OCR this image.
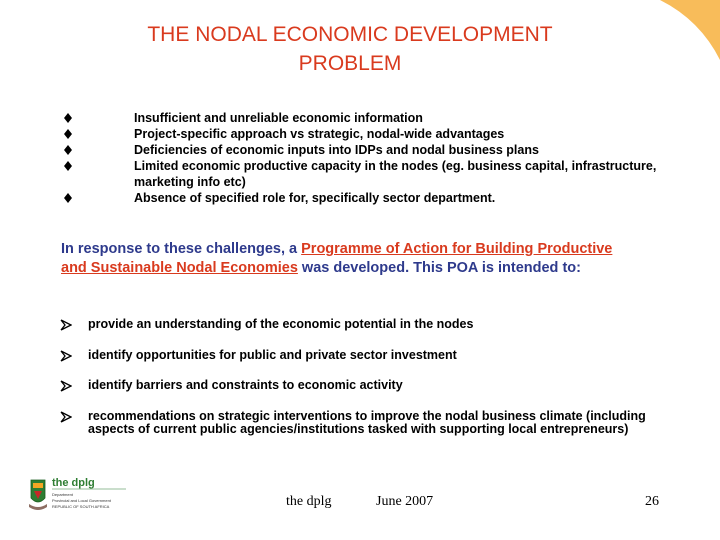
THE NODAL ECONOMIC DEVELOPMENT
PROBLEM
Insufficient and unreliable economic information
Project-specific approach vs strategic, nodal-wide advantages
Deficiencies of economic inputs into IDPs and nodal business plans
Limited economic productive capacity in the nodes (eg. business capital, infrastructure, marketing info etc)
Absence of specified role for, specifically sector department.
In response to these challenges, a Programme of Action for Building Productive and Sustainable Nodal Economies was developed. This POA is intended to:
provide an understanding of the economic potential in the nodes
identify opportunities for public and private sector investment
identify barriers and constraints to economic activity
recommendations on strategic interventions to improve the nodal business climate (including aspects of current public agencies/institutions tasked with supporting local entrepreneurs)
the dplg
Department
Provincial and Local Government
REPUBLIC OF SOUTH AFRICA	the dplg	June 2007	26
